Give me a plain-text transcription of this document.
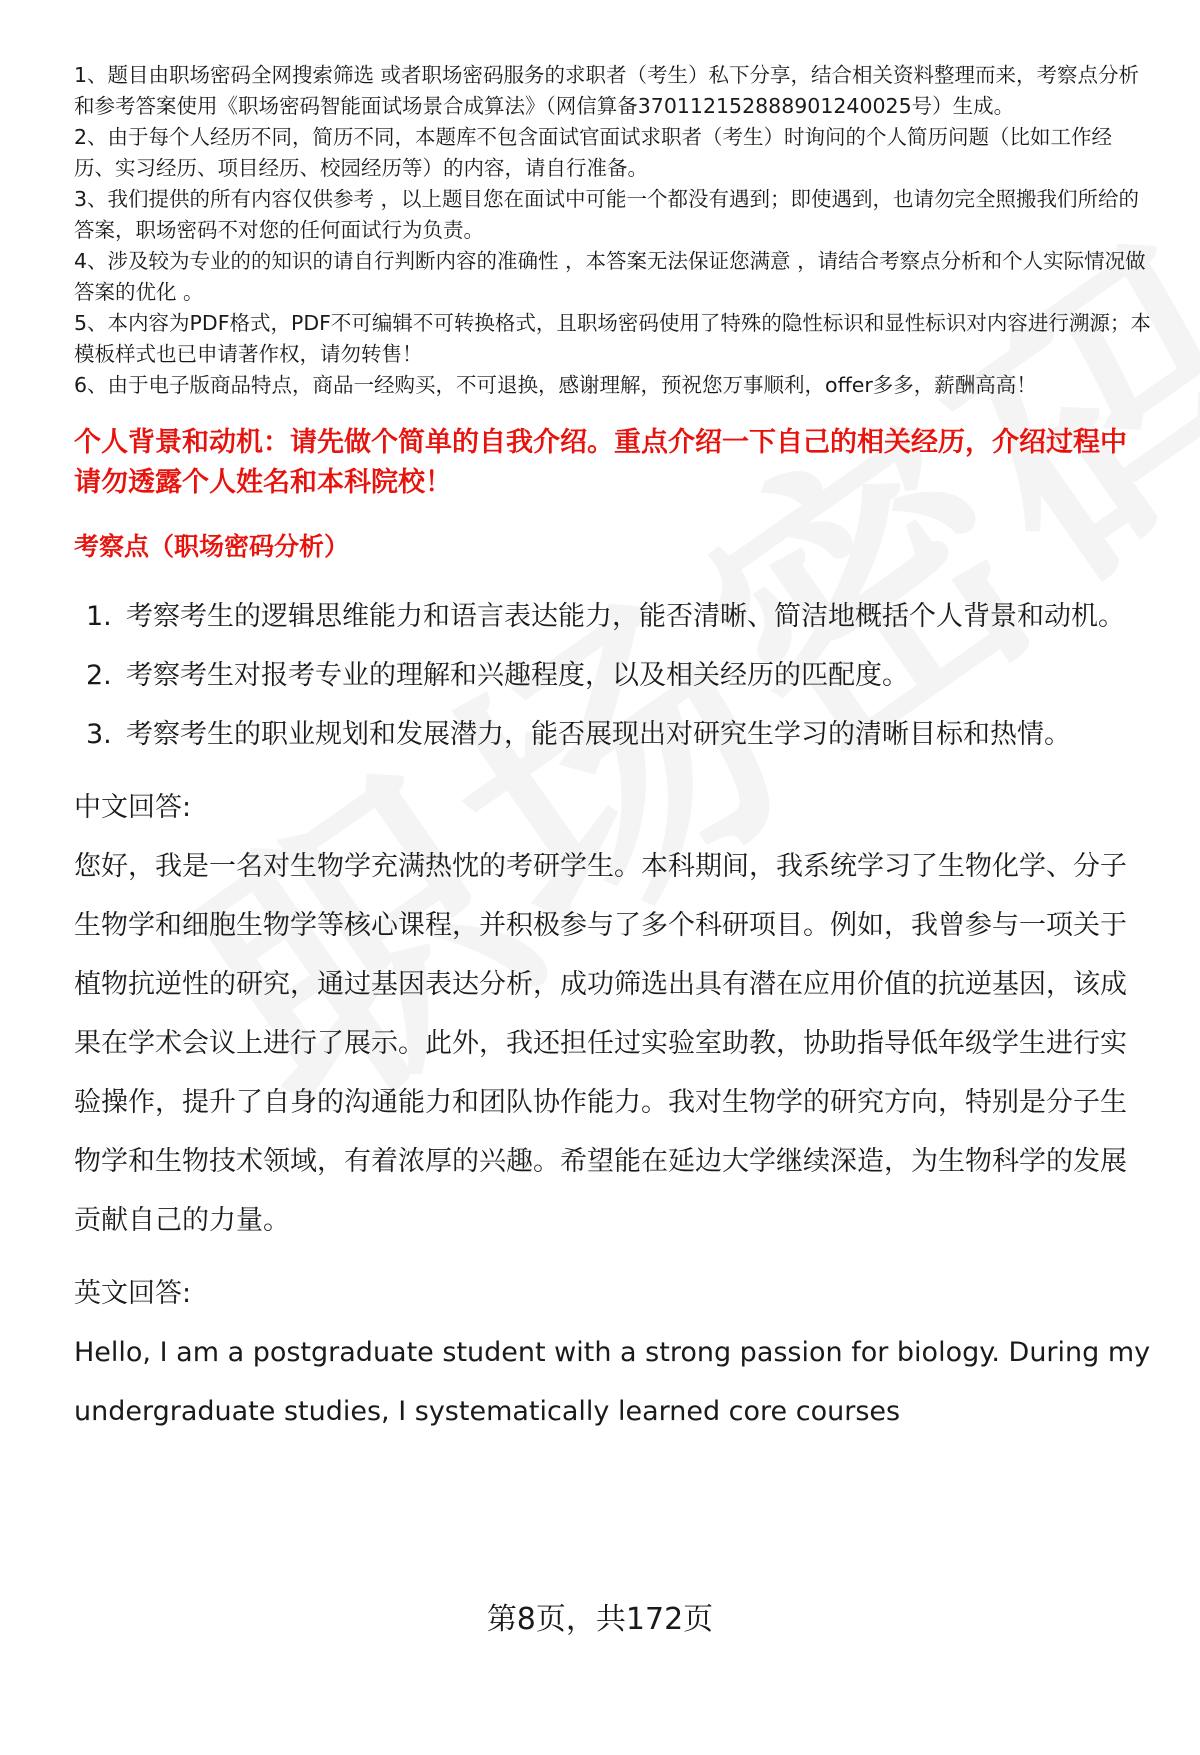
1、题目由职场密码全网搜索筛选 或者职场密码服务的求职者（考生）私下分享，结合相关资料整理而来，考察点分析和参考答案使用《职场密码智能面试场景合成算法》（网信算备370112152888901240025号）生成。

2、由于每个人经历不同，简历不同，本题库不包含面试官面试求职者（考生）时询问的个人简历问题（比如工作经历、实习经历、项目经历、校园经历等）的内容，请自行准备。

3、我们提供的所有内容仅供参考 ，以上题目您在面试中可能一个都没有遇到；即使遇到，也请勿完全照搬我们所给的答案，职场密码不对您的任何面试行为负责。

4、涉及较为专业的的知识的请自行判断内容的准确性 ，本答案无法保证您满意 ，请结合考察点分析和个人实际情况做答案的优化 。

5、本内容为PDF格式，PDF不可编辑不可转换格式，且职场密码使用了特殊的隐性标识和显性标识对内容进行溯源；本模板样式也已申请著作权，请勿转售！

6、由于电子版商品特点，商品一经购买，不可退换，感谢理解，预祝您万事顺利，offer多多，薪酬高高！

个人背景和动机：请先做个简单的自我介绍。重点介绍一下自己的相关经历，介绍过程中请勿透露个人姓名和本科院校！

考察点（职场密码分析）

1. 考察考生的逻辑思维能力和语言表达能力，能否清晰、简洁地概括个人背景和动机。
2. 考察考生对报考专业的理解和兴趣程度，以及相关经历的匹配度。
3. 考察考生的职业规划和发展潜力，能否展现出对研究生学习的清晰目标和热情。

中文回答:

您好，我是一名对生物学充满热忱的考研学生。本科期间，我系统学习了生物化学、分子生物学和细胞生物学等核心课程，并积极参与了多个科研项目。例如，我曾参与一项关于植物抗逆性的研究，通过基因表达分析，成功筛选出具有潜在应用价值的抗逆基因，该成果在学术会议上进行了展示。此外，我还担任过实验室助教，协助指导低年级学生进行实验操作，提升了自身的沟通能力和团队协作能力。我对生物学的研究方向，特别是分子生物学和生物技术领域，有着浓厚的兴趣。希望能在延边大学继续深造，为生物科学的发展贡献自己的力量。

英文回答:

Hello, I am a postgraduate student with a strong passion for biology. During my undergraduate studies, I systematically learned core courses

第8页，共172页
